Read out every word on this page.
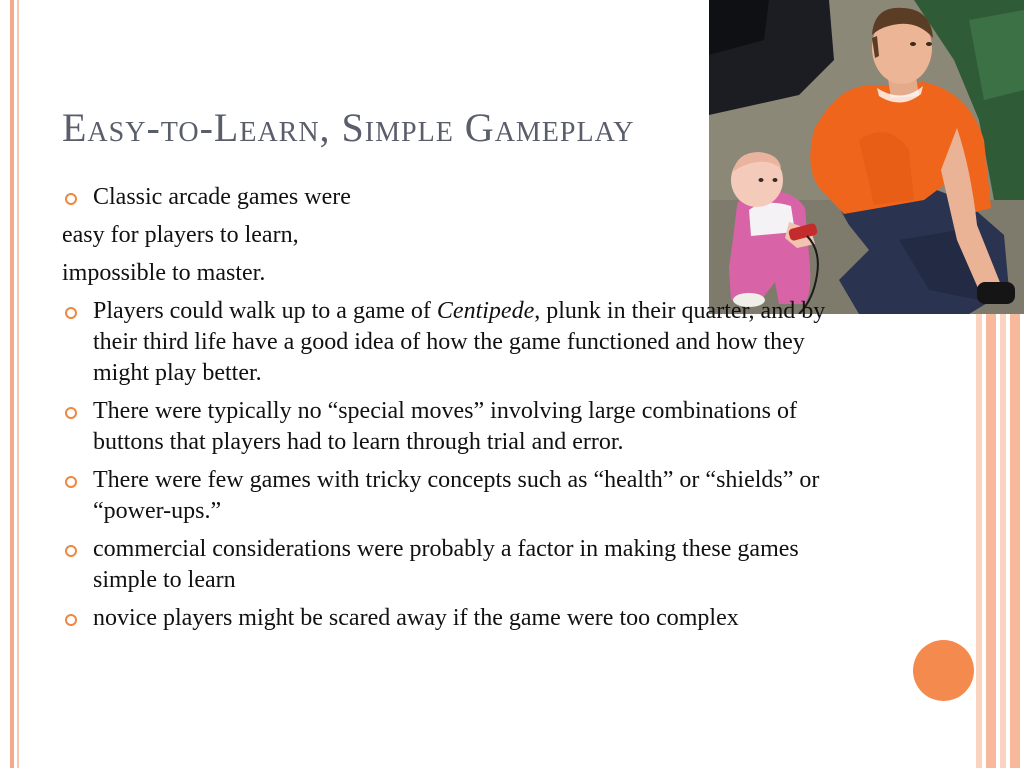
Easy-to-Learn, Simple Gameplay
Classic arcade games were
easy for players to learn,
impossible to master.
Players could walk up to a game of Centipede, plunk in their quarter, and by their third life have a good idea of how the game functioned and how they might play better.
There were typically no “special moves” involving large combinations of buttons that players had to learn through trial and error.
There were few games with tricky concepts such as “health” or “shields” or “power-ups.”
commercial considerations were probably a factor in making these games simple to learn
novice players might be scared away if the game were too complex
